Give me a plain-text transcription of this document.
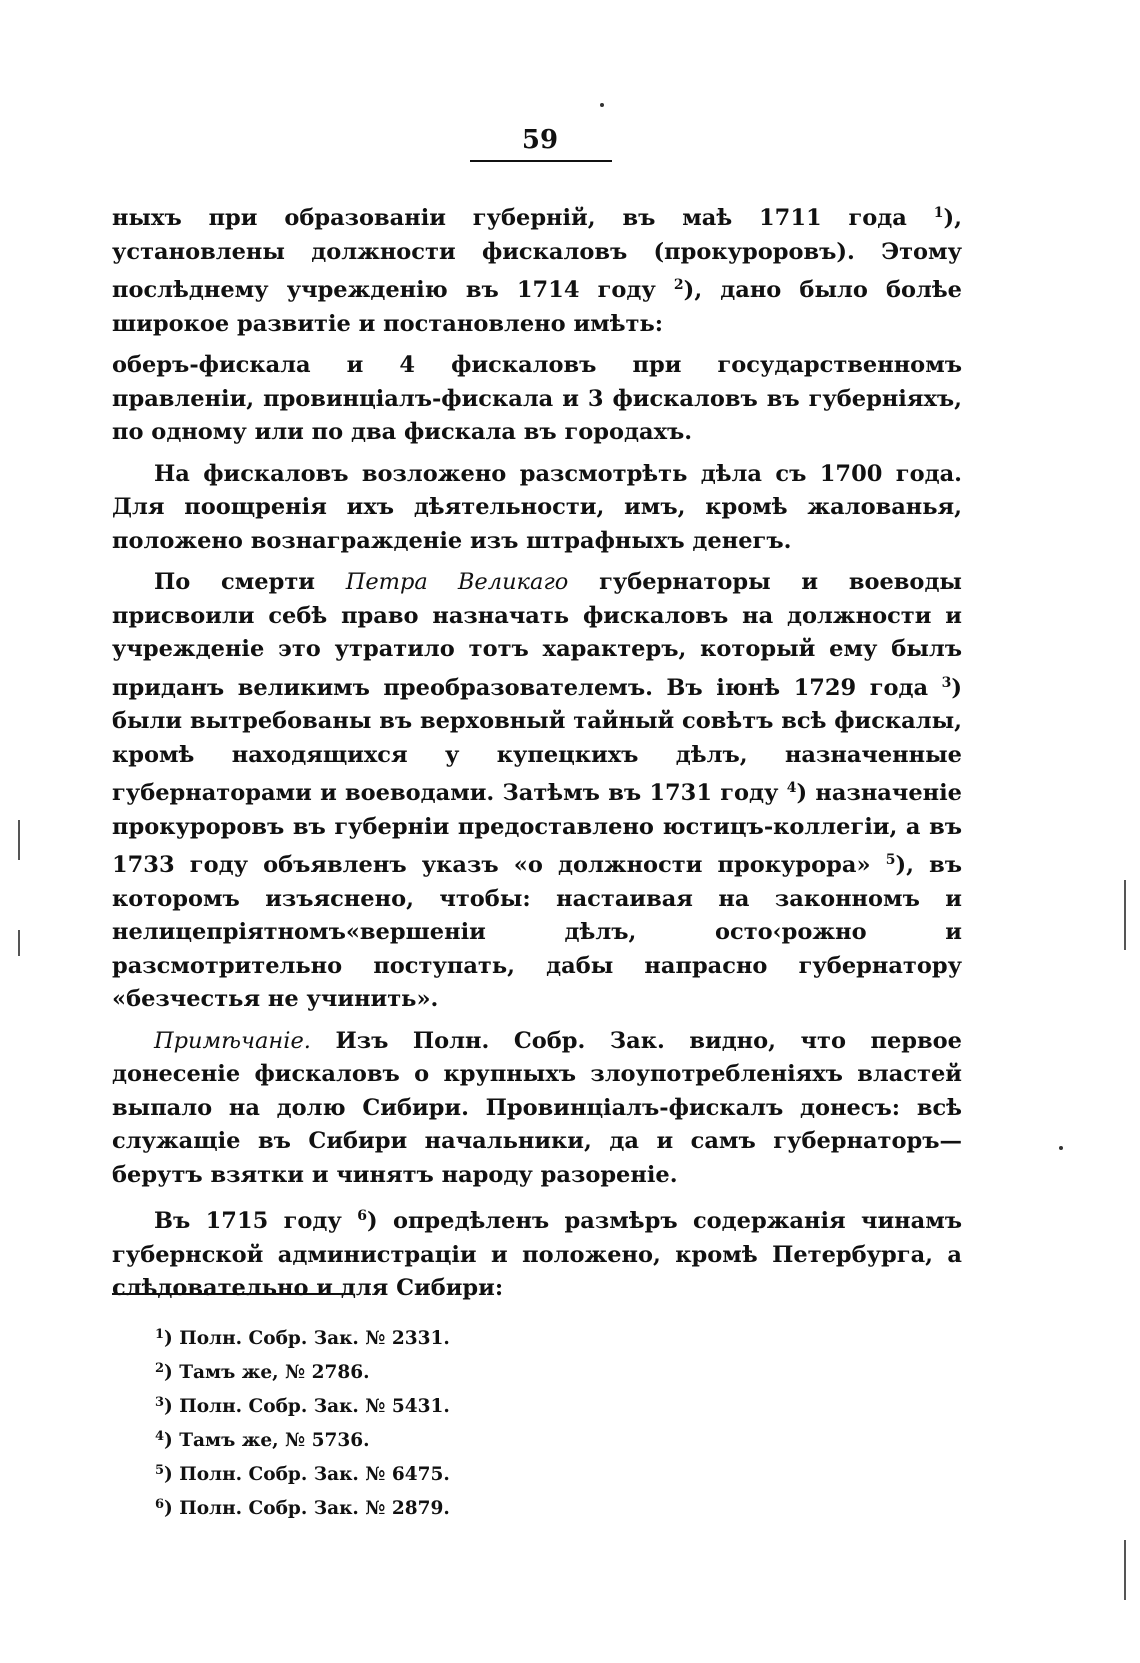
59

ныхъ при образованіи губерній, въ маѣ 1711 года $^1$), установлены должности фискаловъ (прокуроровъ). Этому послѣднему учрежденію въ 1714 году $^2$), дано было болѣе широкое развитіе и постановлено имѣть:

оберъ-фискала и 4 фискаловъ при государственномъ правленіи, провинціалъ-фискала и 3 фискаловъ въ губерніяхъ, по одному или по два фискала въ городахъ.

На фискаловъ возложено разсмотрѣть дѣла съ 1700 года. Для поощренія ихъ дѣятельности, имъ, кромѣ жалованья, положено вознагражденіе изъ штрафныхъ денегъ.

По смерти Петра Великаго губернаторы и воеводы присвоили себѣ право назначать фискаловъ на должности и учрежденіе это утратило тотъ характеръ, который ему былъ приданъ великимъ преобразователемъ. Въ іюнѣ 1729 года $^3$) были вытребованы въ верховный тайный совѣтъ всѣ фискалы, кромѣ находящихся у купецкихъ дѣлъ, назначенные губернаторами и воеводами. Затѣмъ въ 1731 году $^4$) назначеніе прокуроровъ въ губерніи предоставлено юстицъ-коллегіи, а въ 1733 году объявленъ указъ «о должности прокурора» $^5$), въ которомъ изъяснено, чтобы: настаивая на законномъ и нелицепріятномъ«вершеніи дѣлъ, осто‹рожно и разсмотрительно поступать, дабы напрасно губернатору «безчестья не учинить».

Примѣчаніе. Изъ Полн. Собр. Зак. видно, что первое донесеніе фискаловъ о крупныхъ злоупотребленіяхъ властей выпало на долю Сибири. Провинціалъ-фискалъ донесъ: всѣ служащіе въ Сибири начальники, да и самъ губернаторъ—берутъ взятки и чинятъ народу разореніе.

Въ 1715 году $^6$) опредѣленъ размѣръ содержанія чинамъ губернской администраціи и положено, кромѣ Петербурга, а слѣдовательно и для Сибири:

$^1$) Полн. Собр. Зак. № 2331.
$^2$) Тамъ же, № 2786.
$^3$) Полн. Собр. Зак. № 5431.
$^4$) Тамъ же, № 5736.
$^5$) Полн. Собр. Зак. № 6475.
$^6$) Полн. Собр. Зак. № 2879.
